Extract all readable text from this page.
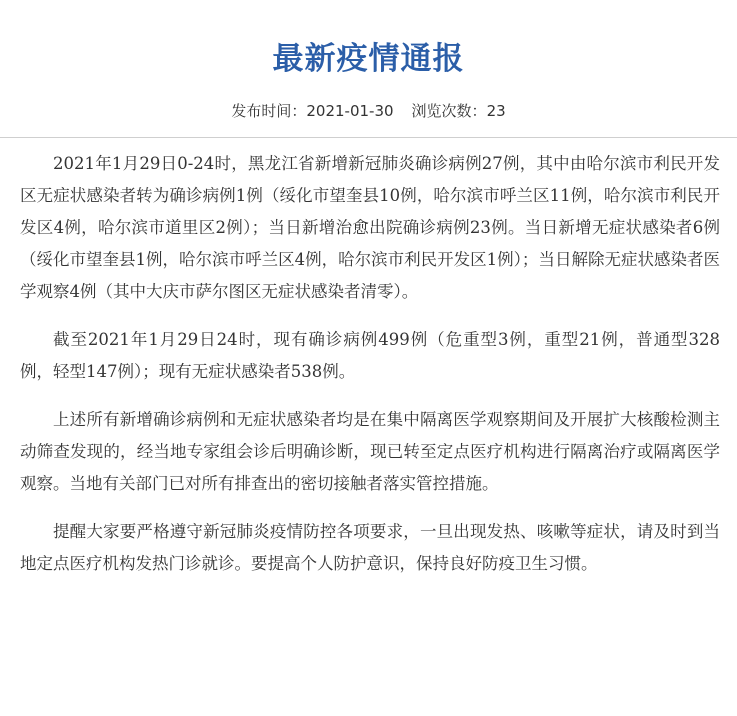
最新疫情通报
发布时间：2021-01-30 浏览次数：23

2021年1月29日0-24时，黑龙江省新增新冠肺炎确诊病例27例，其中由哈尔滨市利民开发区无症状感染者转为确诊病例1例（绥化市望奎县10例，哈尔滨市呼兰区11例，哈尔滨市利民开发区4例，哈尔滨市道里区2例）；当日新增治愈出院确诊病例23例。当日新增无症状感染者6例（绥化市望奎县1例，哈尔滨市呼兰区4例，哈尔滨市利民开发区1例）；当日解除无症状感染者医学观察4例（其中大庆市萨尔图区无症状感染者清零）。

截至2021年1月29日24时，现有确诊病例499例（危重型3例，重型21例，普通型328例，轻型147例）；现有无症状感染者538例。

上述所有新增确诊病例和无症状感染者均是在集中隔离医学观察期间及开展扩大核酸检测主动筛查发现的，经当地专家组会诊后明确诊断，现已转至定点医疗机构进行隔离治疗或隔离医学观察。当地有关部门已对所有排查出的密切接触者落实管控措施。

提醒大家要严格遵守新冠肺炎疫情防控各项要求，一旦出现发热、咳嗽等症状，请及时到当地定点医疗机构发热门诊就诊。要提高个人防护意识，保持良好防疫卫生习惯。
